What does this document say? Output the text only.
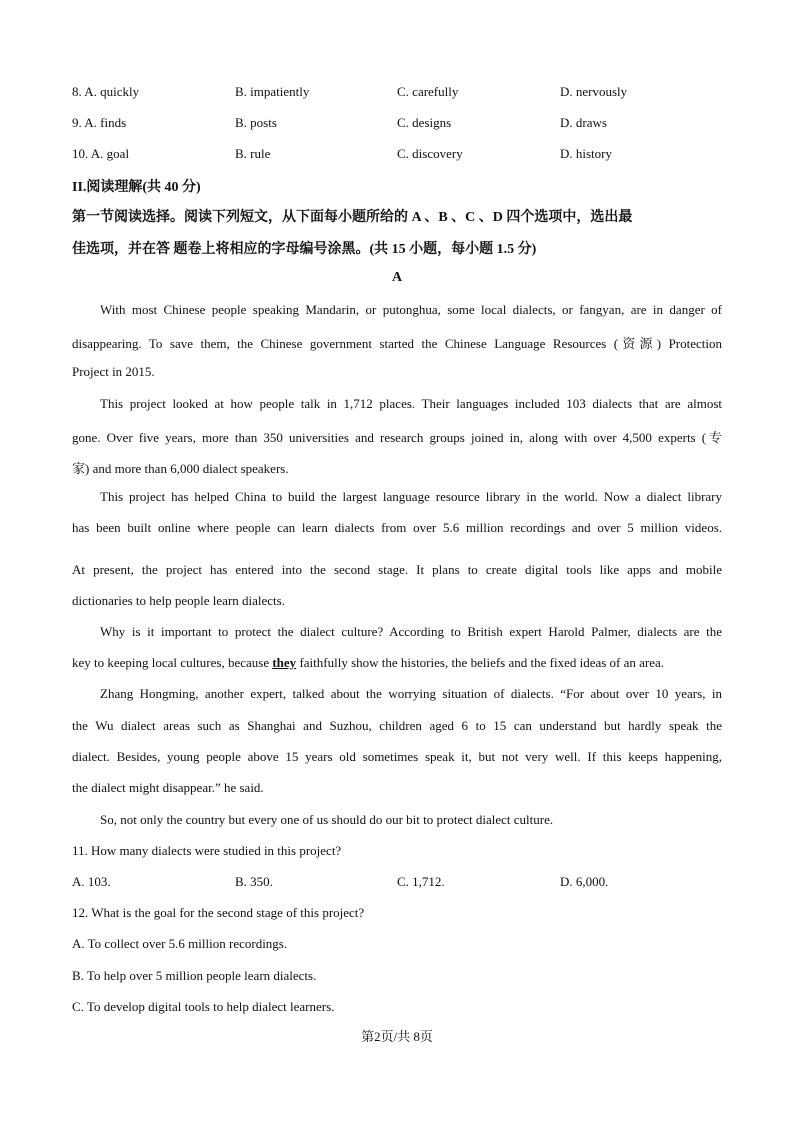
8. A. quickly	B. impatiently	C. carefully	D. nervously
9. A. finds	B. posts	C. designs	D. draws
10. A. goal	B. rule	C. discovery	D. history
II.阅读理解(共 40 分)
第一节阅读选择。阅读下列短文，从下面每小题所给的 A 、B 、C 、D 四个选项中，选出最
佳选项，并在答 题卷上将相应的字母编号涂黑。(共 15 小题，每小题 1.5 分)
A
With most Chinese people speaking Mandarin, or putonghua, some local dialects, or fangyan, are in danger of
disappearing. To save them, the Chinese government started the Chinese Language Resources (资源) Protection
Project in 2015.
This project looked at how people talk in 1,712 places. Their languages included 103 dialects that are almost
gone. Over five years, more than 350 universities and research groups joined in, along with over 4,500 experts (专
家) and more than 6,000 dialect speakers.
This project has helped China to build the largest language resource library in the world. Now a dialect library
has been built online where people can learn dialects from over 5.6 million recordings and over 5 million videos.
At present, the project has entered into the second stage. It plans to create digital tools like apps and mobile
dictionaries to help people learn dialects.
Why is it important to protect the dialect culture? According to British expert Harold Palmer, dialects are the
key to keeping local cultures, because they faithfully show the histories, the beliefs and the fixed ideas of an area.
Zhang Hongming, another expert, talked about the worrying situation of dialects. “For about over 10 years, in
the Wu dialect areas such as Shanghai and Suzhou, children aged 6 to 15 can understand but hardly speak the
dialect. Besides, young people above 15 years old sometimes speak it, but not very well. If this keeps happening,
the dialect might disappear.” he said.
So, not only the country but every one of us should do our bit to protect dialect culture.
11. How many dialects were studied in this project?
A. 103.	B. 350.	C. 1,712.	D. 6,000.
12. What is the goal for the second stage of this project?
A. To collect over 5.6 million recordings.
B. To help over 5 million people learn dialects.
C. To develop digital tools to help dialect learners.
第2页/共 8页
